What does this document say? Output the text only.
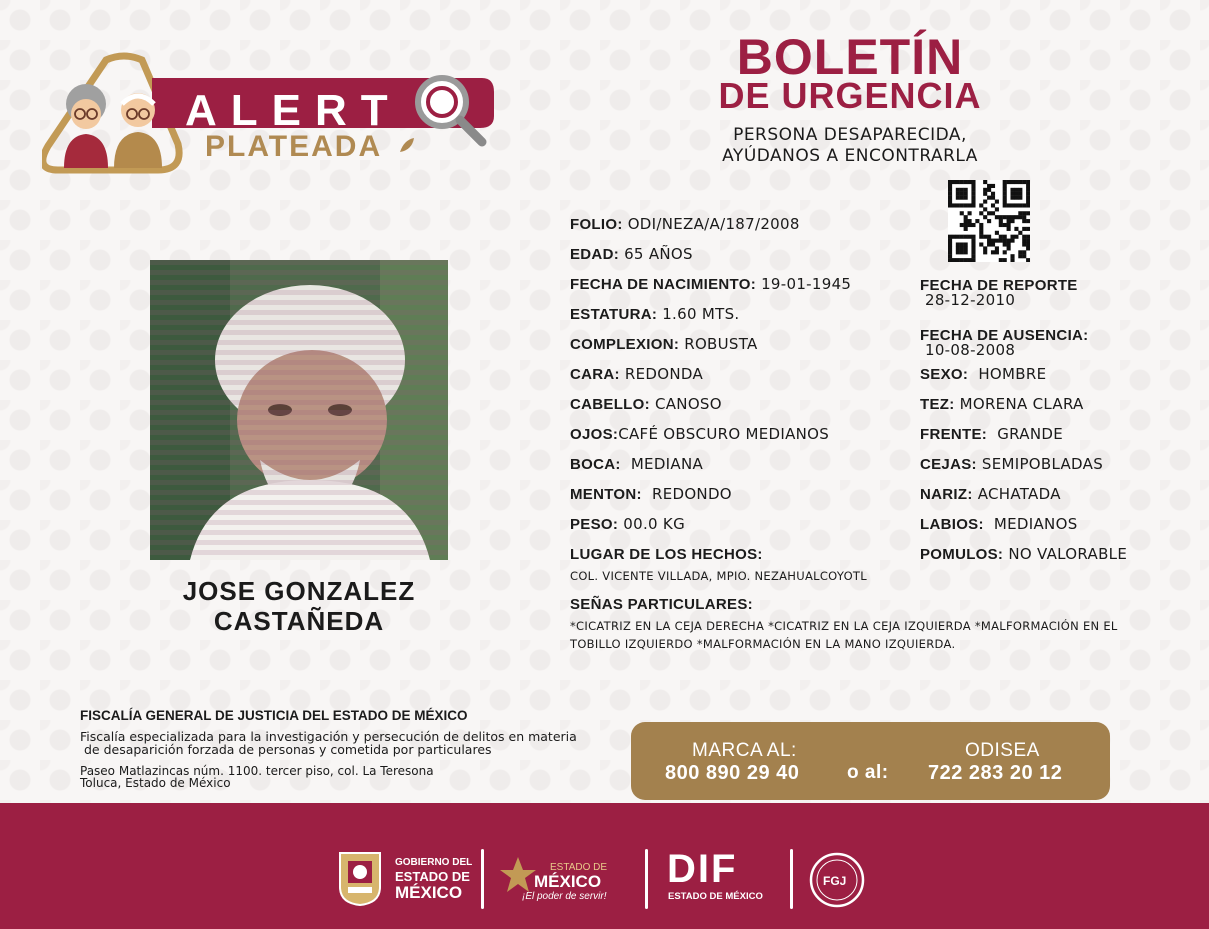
ALERT
PLATEADA
BOLETÍN
DE URGENCIA
PERSONA DESAPARECIDA,
AYÚDANOS A ENCONTRARLA
JOSE GONZALEZ
CASTAÑEDA
FOLIO: ODI/NEZA/A/187/2008
EDAD: 65 AÑOS
FECHA DE NACIMIENTO: 19-01-1945
ESTATURA: 1.60 MTS.
COMPLEXION: ROBUSTA
CARA: REDONDA
CABELLO: CANOSO
OJOS:CAFÉ OBSCURO MEDIANOS
BOCA: MEDIANA
MENTON: REDONDO
PESO: 00.0 KG
LUGAR DE LOS HECHOS:
COL. VICENTE VILLADA, MPIO. NEZAHUALCOYOTL
SEÑAS PARTICULARES:
*CICATRIZ EN LA CEJA DERECHA *CICATRIZ EN LA CEJA IZQUIERDA *MALFORMACIÓN EN EL
TOBILLO IZQUIERDO *MALFORMACIÓN EN LA MANO IZQUIERDA.
FECHA DE REPORTE
28-12-2010
FECHA DE AUSENCIA:
10-08-2008
SEXO: HOMBRE
TEZ: MORENA CLARA
FRENTE: GRANDE
CEJAS: SEMIPOBLADAS
NARIZ: ACHATADA
LABIOS: MEDIANOS
POMULOS: NO VALORABLE
FISCALÍA GENERAL DE JUSTICIA DEL ESTADO DE MÉXICO
Fiscalía especializada para la investigación y persecución de delitos en materia
de desaparición forzada de personas y cometida por particulares
Paseo Matlazincas núm. 1100. tercer piso, col. La Teresona
Toluca, Estado de México
MARCA AL:
800 890 29 40	o al:
ODISEA
722 283 20 12
GOBIERNO DEL
ESTADO DE
MÉXICO
ESTADO DE
MÉXICO
¡El poder de servir!
DIF
ESTADO DE MÉXICO
FGJ
